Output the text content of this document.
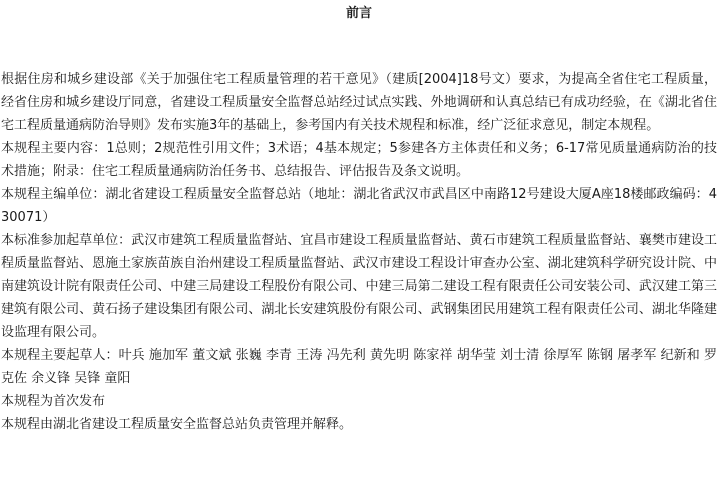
前言

根据住房和城乡建设部《关于加强住宅工程质量管理的若干意见》（建质[2004]18号文）要求，为提高全省住宅工程质量，经省住房和城乡建设厅同意，省建设工程质量安全监督总站经过试点实践、外地调研和认真总结已有成功经验，在《湖北省住宅工程质量通病防治导则》发布实施3年的基础上，参考国内有关技术规程和标准，经广泛征求意见，制定本规程。

本规程主要内容：1总则；2规范性引用文件；3术语；4基本规定；5参建各方主体责任和义务；6-17常见质量通病防治的技术措施；附录：住宅工程质量通病防治任务书、总结报告、评估报告及条文说明。

本规程主编单位：湖北省建设工程质量安全监督总站（地址：湖北省武汉市武昌区中南路12号建设大厦A座18楼邮政编码：430071）

本标准参加起草单位：武汉市建筑工程质量监督站、宜昌市建设工程质量监督站、黄石市建筑工程质量监督站、襄樊市建设工程质量监督站、恩施土家族苗族自治州建设工程质量监督站、武汉市建设工程设计审查办公室、湖北建筑科学研究设计院、中南建筑设计院有限责任公司、中建三局建设工程股份有限公司、中建三局第二建设工程有限责任公司安装公司、武汉建工第三建筑有限公司、黄石扬子建设集团有限公司、湖北长安建筑股份有限公司、武钢集团民用建筑工程有限责任公司、湖北华隆建设监理有限公司。

本规程主要起草人：叶兵 施加军 董文斌 张巍 李青 王涛 冯先利 黄先明 陈家祥 胡华莹 刘士清 徐厚军 陈钢 屠孝军 纪新和 罗克佐 余义锋 吴锋 童阳

本规程为首次发布

本规程由湖北省建设工程质量安全监督总站负责管理并解释。
